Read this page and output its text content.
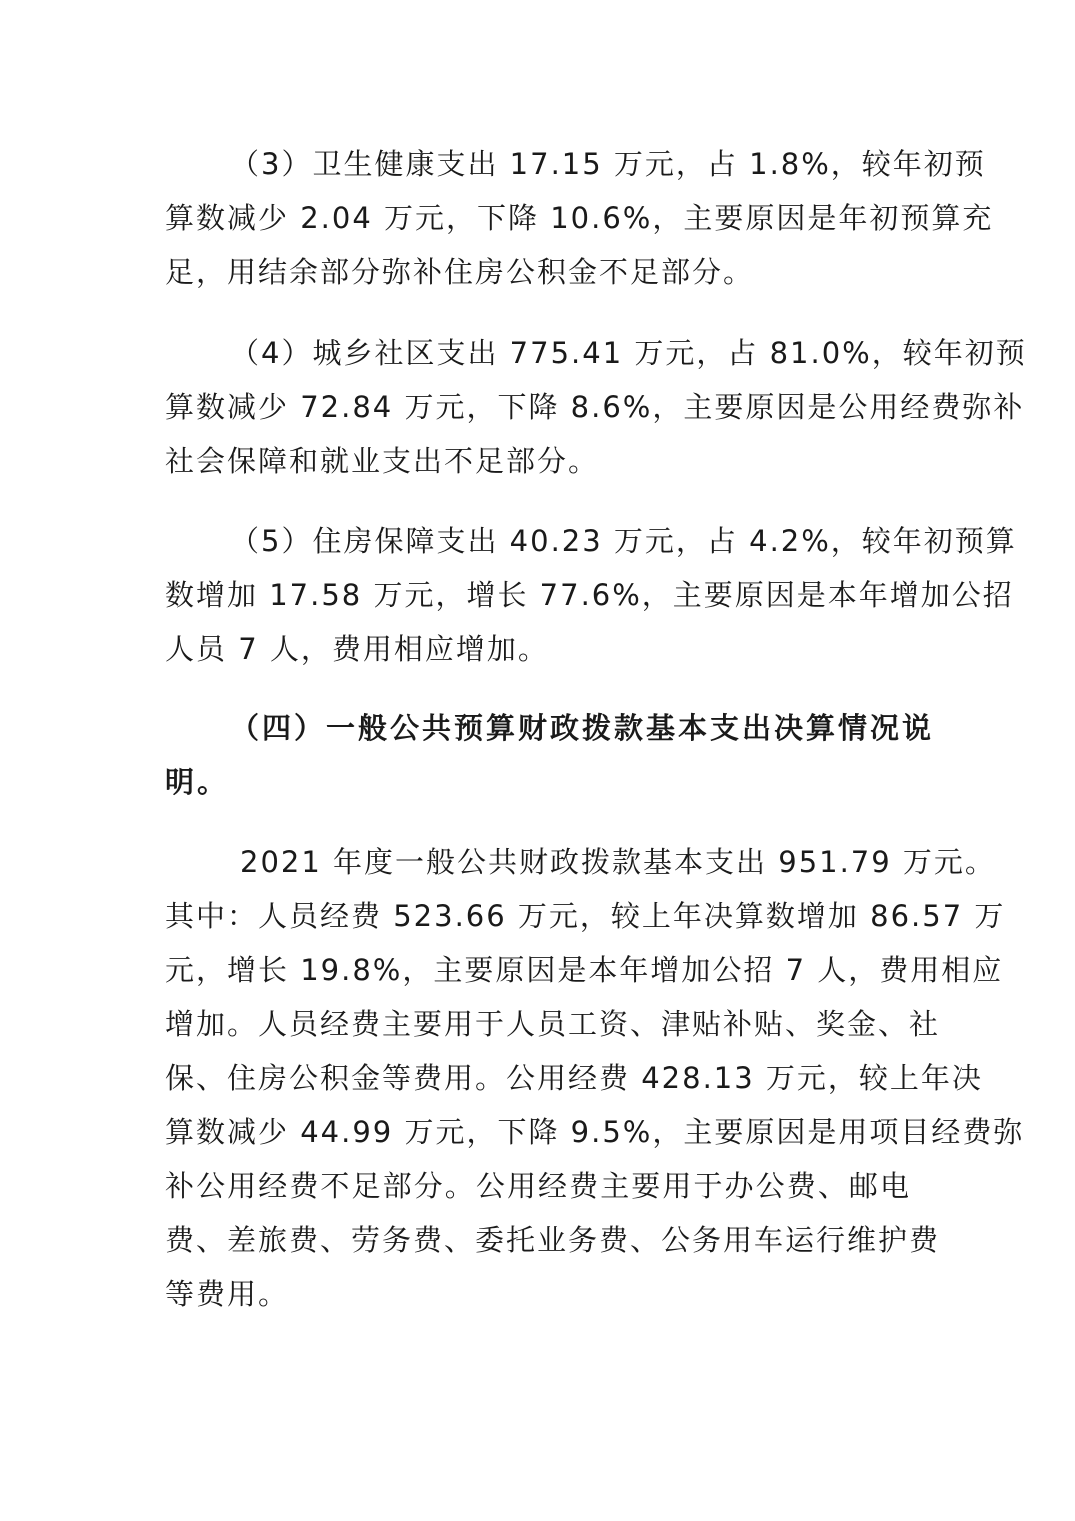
（3）卫生健康支出 17.15 万元，占 1.8%，较年初预
算数减少 2.04 万元，下降 10.6%，主要原因是年初预算充
足，用结余部分弥补住房公积金不足部分。
（4）城乡社区支出 775.41 万元，占 81.0%，较年初预
算数减少 72.84 万元，下降 8.6%，主要原因是公用经费弥补
社会保障和就业支出不足部分。
（5）住房保障支出 40.23 万元，占 4.2%，较年初预算
数增加 17.58 万元，增长 77.6%，主要原因是本年增加公招
人员 7 人，费用相应增加。
（四）一般公共预算财政拨款基本支出决算情况说
明。
2021 年度一般公共财政拨款基本支出 951.79 万元。
其中：人员经费 523.66 万元，较上年决算数增加 86.57 万
元，增长 19.8%，主要原因是本年增加公招 7 人，费用相应
增加。人员经费主要用于人员工资、津贴补贴、奖金、社
保、住房公积金等费用。公用经费 428.13 万元，较上年决
算数减少 44.99 万元，下降 9.5%，主要原因是用项目经费弥
补公用经费不足部分。公用经费主要用于办公费、邮电
费、差旅费、劳务费、委托业务费、公务用车运行维护费
等费用。
